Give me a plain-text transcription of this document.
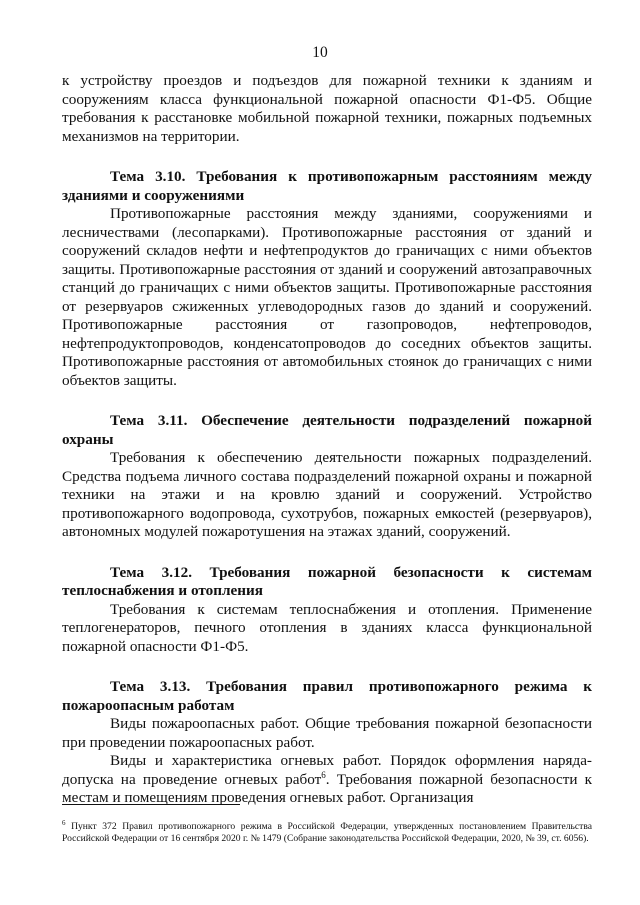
10

к устройству проездов и подъездов для пожарной техники к зданиям и сооружениям класса функциональной пожарной опасности Ф1-Ф5. Общие требования к расстановке мобильной пожарной техники, пожарных подъемных механизмов на территории.

Тема 3.10. Требования к противопожарным расстояниям между зданиями и сооружениями

Противопожарные расстояния между зданиями, сооружениями и лесничествами (лесопарками). Противопожарные расстояния от зданий и сооружений складов нефти и нефтепродуктов до граничащих с ними объектов защиты. Противопожарные расстояния от зданий и сооружений автозаправочных станций до граничащих с ними объектов защиты. Противопожарные расстояния от резервуаров сжиженных углеводородных газов до зданий и сооружений. Противопожарные расстояния от газопроводов, нефтепроводов, нефтепродуктопроводов, конденсатопроводов до соседних объектов защиты. Противопожарные расстояния от автомобильных стоянок до граничащих с ними объектов защиты.

Тема 3.11. Обеспечение деятельности подразделений пожарной охраны

Требования к обеспечению деятельности пожарных подразделений. Средства подъема личного состава подразделений пожарной охраны и пожарной техники на этажи и на кровлю зданий и сооружений. Устройство противопожарного водопровода, сухотрубов, пожарных емкостей (резервуаров), автономных модулей пожаротушения на этажах зданий, сооружений.

Тема 3.12. Требования пожарной безопасности к системам теплоснабжения и отопления

Требования к системам теплоснабжения и отопления. Применение теплогенераторов, печного отопления в зданиях класса функциональной пожарной опасности Ф1-Ф5.

Тема 3.13. Требования правил противопожарного режима к пожароопасным работам

Виды пожароопасных работ. Общие требования пожарной безопасности при проведении пожароопасных работ.

Виды и характеристика огневых работ. Порядок оформления наряда-допуска на проведение огневых работ$^6$. Требования пожарной безопасности к местам и помещениям проведения огневых работ. Организация

$^6$ Пункт 372 Правил противопожарного режима в Российской Федерации, утвержденных постановлением Правительства Российской Федерации от 16 сентября 2020 г. № 1479 (Собрание законодательства Российской Федерации, 2020, № 39, ст. 6056).
